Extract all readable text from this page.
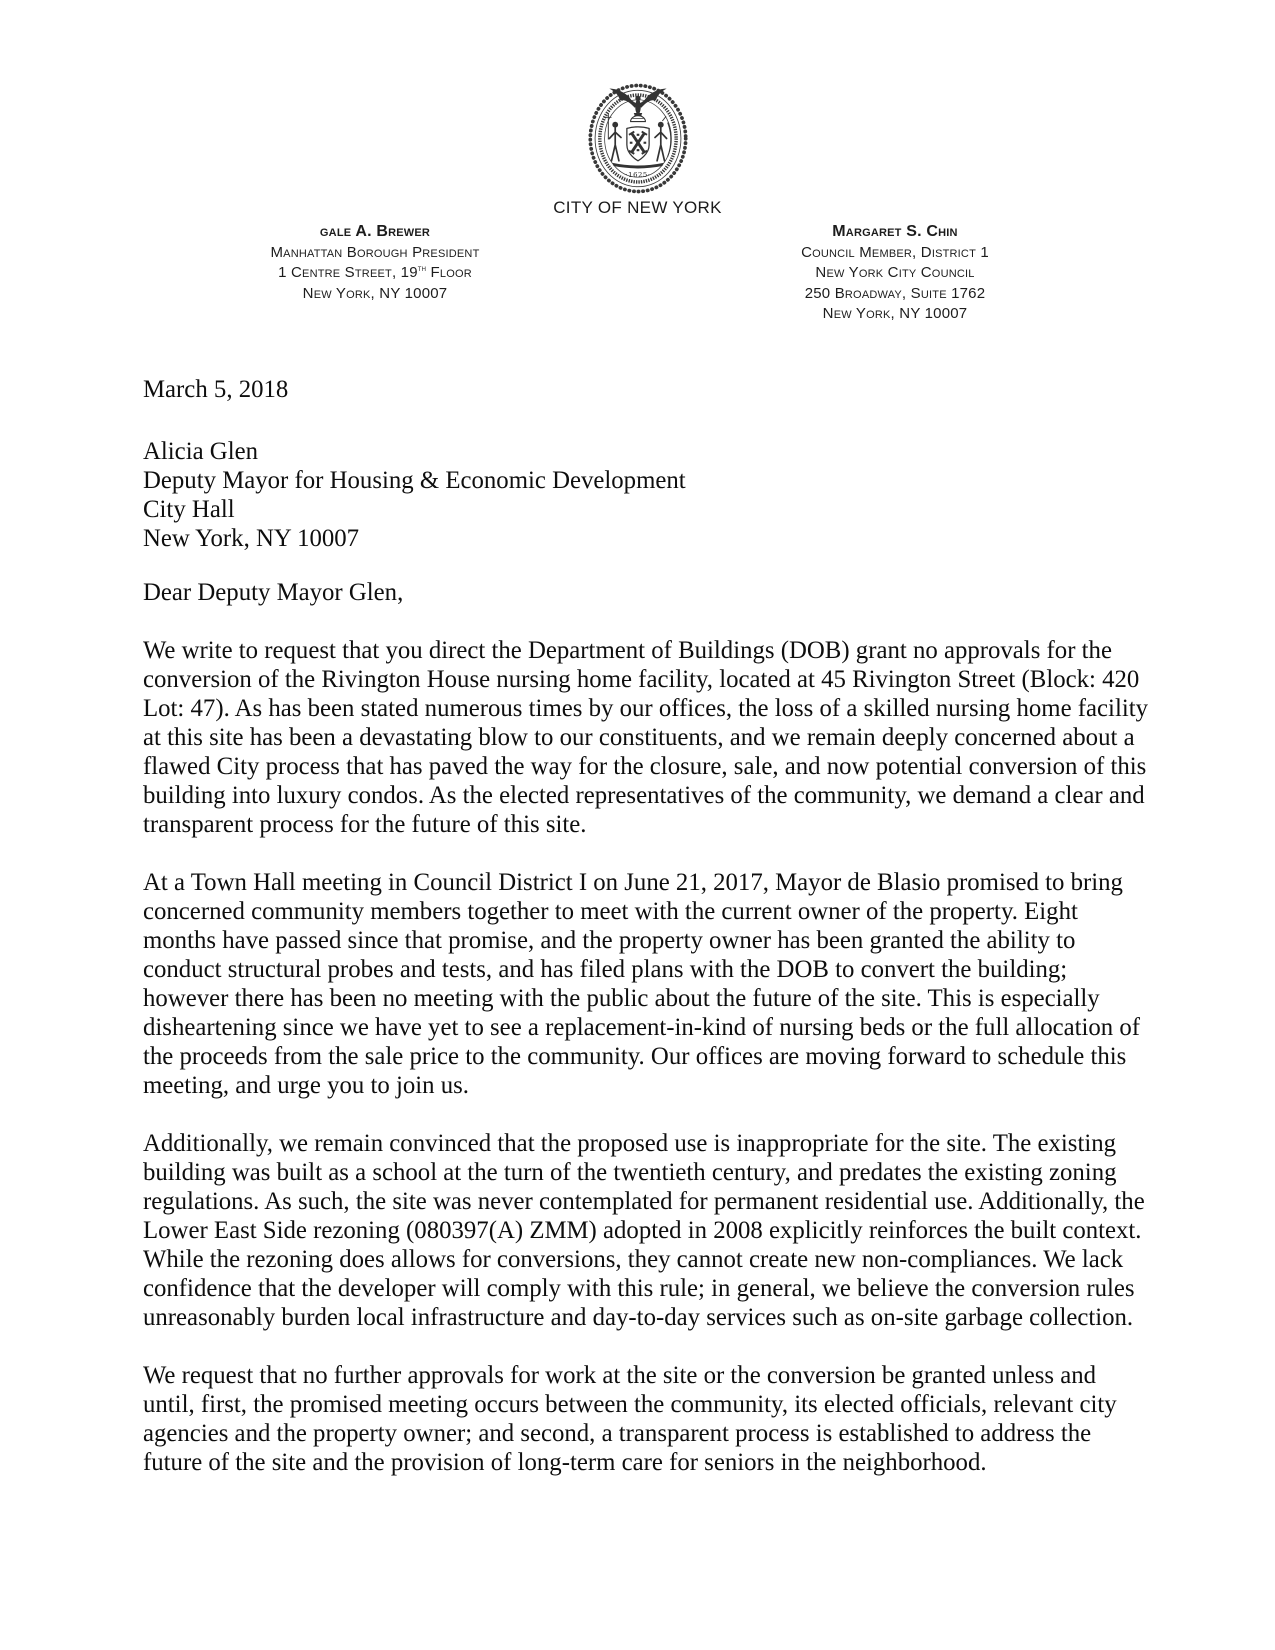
·1625·
CITY OF NEW YORK
gale A. Brewer
Manhattan Borough President
1 Centre Street, 19th Floor
New York, NY 10007
Margaret S. Chin
Council Member, District 1
New York City Council
250 Broadway, Suite 1762
New York, NY 10007
March 5, 2018
Alicia Glen
Deputy Mayor for Housing & Economic Development
City Hall
New York, NY 10007
Dear Deputy Mayor Glen,

We write to request that you direct the Department of Buildings (DOB) grant no approvals for the conversion of the Rivington House nursing home facility, located at 45 Rivington Street (Block: 420 Lot: 47). As has been stated numerous times by our offices, the loss of a skilled nursing home facility at this site has been a devastating blow to our constituents, and we remain deeply concerned about a flawed City process that has paved the way for the closure, sale, and now potential conversion of this building into luxury condos. As the elected representatives of the community, we demand a clear and transparent process for the future of this site.

At a Town Hall meeting in Council District I on June 21, 2017, Mayor de Blasio promised to bring concerned community members together to meet with the current owner of the property. Eight months have passed since that promise, and the property owner has been granted the ability to conduct structural probes and tests, and has filed plans with the DOB to convert the building; however there has been no meeting with the public about the future of the site. This is especially disheartening since we have yet to see a replacement-in-kind of nursing beds or the full allocation of the proceeds from the sale price to the community. Our offices are moving forward to schedule this meeting, and urge you to join us.

Additionally, we remain convinced that the proposed use is inappropriate for the site. The existing building was built as a school at the turn of the twentieth century, and predates the existing zoning regulations. As such, the site was never contemplated for permanent residential use. Additionally, the Lower East Side rezoning (080397(A) ZMM) adopted in 2008 explicitly reinforces the built context. While the rezoning does allows for conversions, they cannot create new non-compliances. We lack confidence that the developer will comply with this rule; in general, we believe the conversion rules unreasonably burden local infrastructure and day-to-day services such as on-site garbage collection.

We request that no further approvals for work at the site or the conversion be granted unless and until, first, the promised meeting occurs between the community, its elected officials, relevant city agencies and the property owner; and second, a transparent process is established to address the future of the site and the provision of long-term care for seniors in the neighborhood.
